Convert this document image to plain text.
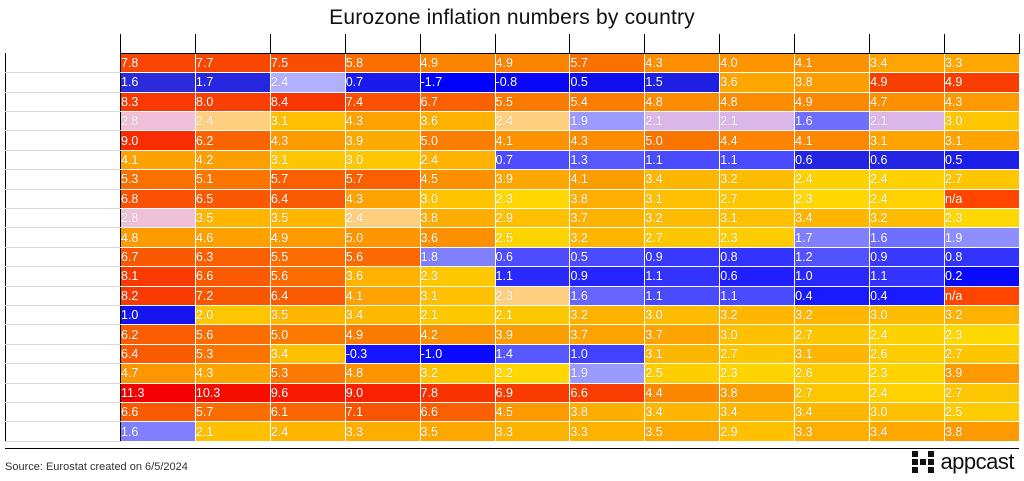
Eurozone inflation numbers by country
	6 / 2023	7 / 2023	8 / 2023	9 / 2023	10 / 2023	11 / 2023	12 / 2023	1 / 2024	2 / 2024	3 / 2024	4 / 2024	5 / 2024
Austria	7.8	7.7	7.5	5.8	4.9	4.9	5.7	4.3	4.0	4.1	3.4	3.3
Belgium	1.6	1.7	2.4	0.7	-1.7	-0.8	0.5	1.5	3.6	3.8	4.9	4.9
Croatia	8.3	8.0	8.4	7.4	6.7	5.5	5.4	4.8	4.8	4.9	4.7	4.3
Cyprus	2.8	2.4	3.1	4.3	3.6	2.4	1.9	2.1	2.1	1.6	2.1	3.0
Estonia	9.0	6.2	4.3	3.9	5.0	4.1	4.3	5.0	4.4	4.1	3.1	3.1
Finland	4.1	4.2	3.1	3.0	2.4	0.7	1.3	1.1	1.1	0.6	0.6	0.5
France	5.3	5.1	5.7	5.7	4.5	3.9	4.1	3.4	3.2	2.4	2.4	2.7
Germany	6.8	6.5	6.4	4.3	3.0	2.3	3.8	3.1	2.7	2.3	2.4	n/a
Greece	2.8	3.5	3.5	2.4	3.8	2.9	3.7	3.2	3.1	3.4	3.2	2.3
Ireland	4.8	4.6	4.9	5.0	3.6	2.5	3.2	2.7	2.3	1.7	1.6	1.9
Italy	6.7	6.3	5.5	5.6	1.8	0.6	0.5	0.9	0.8	1.2	0.9	0.8
Latvia	8.1	6.6	5.6	3.6	2.3	1.1	0.9	1.1	0.6	1.0	1.1	0.2
Lithuania	8.2	7.2	6.4	4.1	3.1	2.3	1.6	1.1	1.1	0.4	0.4	n/a
Luxembourg	1.0	2.0	3.5	3.4	2.1	2.1	3.2	3.0	3.2	3.2	3.0	3.2
Malta	6.2	5.6	5.0	4.9	4.2	3.9	3.7	3.7	3.0	2.7	2.4	2.3
Netherlands	6.4	5.3	3.4	-0.3	-1.0	1.4	1.0	3.1	2.7	3.1	2.6	2.7
Portugal	4.7	4.3	5.3	4.8	3.2	2.2	1.9	2.5	2.3	2.6	2.3	3.9
Slovakia	11.3	10.3	9.6	9.0	7.8	6.9	6.6	4.4	3.8	2.7	2.4	2.7
Slovenia	6.6	5.7	6.1	7.1	6.6	4.5	3.8	3.4	3.4	3.4	3.0	2.5
Spain	1.6	2.1	2.4	3.3	3.5	3.3	3.3	3.5	2.9	3.3	3.4	3.8
Source: Eurostat created on 6/5/2024	appcast
